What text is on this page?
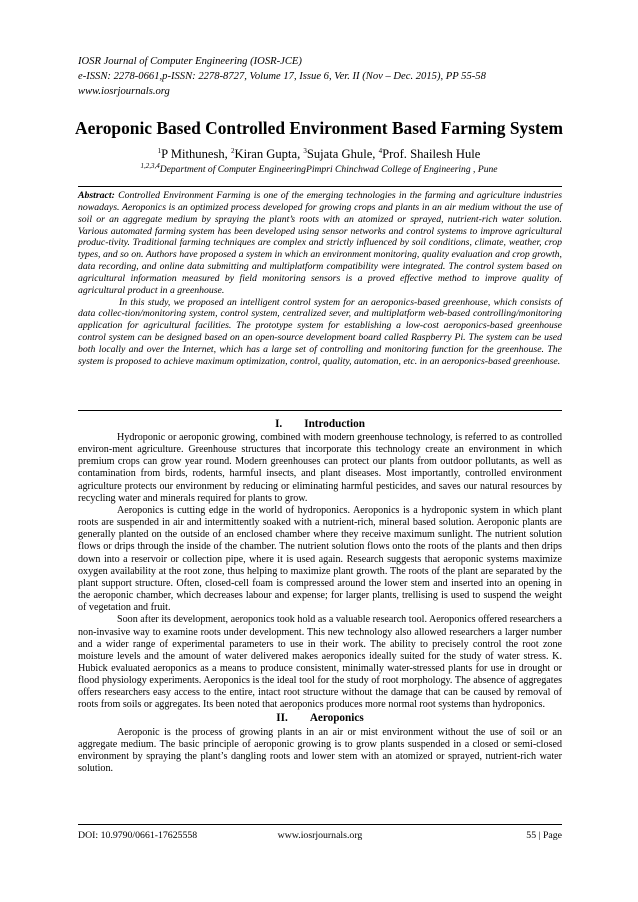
IOSR Journal of Computer Engineering (IOSR-JCE)
e-ISSN: 2278-0661,p-ISSN: 2278-8727, Volume 17, Issue 6, Ver. II (Nov – Dec. 2015), PP 55-58
www.iosrjournals.org
Aeroponic Based Controlled Environment Based Farming System
$^1$P Mithunesh, $^2$Kiran Gupta, $^3$Sujata Ghule, $^4$Prof. Shailesh Hule
$^{1,2,3,4}$Department of Computer EngineeringPimpri Chinchwad College of Engineering , Pune

Abstract: Controlled Environment Farming is one of the emerging technologies in the farming and agriculture industries nowadays. Aeroponics is an optimized process developed for growing crops and plants in an air medium without the use of soil or an aggregate medium by spraying the plant’s roots with an atomized or sprayed, nutrient-rich water solution. Various automated farming system has been developed using sensor networks and control systems to improve agricultural produc-tivity. Traditional farming techniques are complex and strictly influenced by soil conditions, climate, weather, crop types, and so on. Authors have proposed a system in which an environment monitoring, quality evaluation and crop growth, data recording, and online data submitting and multiplatform compatibility were integrated. The control system based on agricultural information measured by field monitoring sensors is a proved effective method to improve quality of agricultural product in a greenhouse.

In this study, we proposed an intelligent control system for an aeroponics-based greenhouse, which consists of data collec-tion/monitoring system, control system, centralized sever, and multiplatform web-based controlling/monitoring application for agricultural facilities. The prototype system for establishing a low-cost aeroponics-based greenhouse control system can be designed based on an open-source development board called Raspberry Pi. The system can be used both locally and over the Internet, which has a large set of controlling and monitoring function for the greenhouse. The system is proposed to achieve maximum optimization, control, quality, automation, etc. in an aeroponics-based greenhouse.

I. Introduction

Hydroponic or aeroponic growing, combined with modern greenhouse technology, is referred to as controlled environ-ment agriculture. Greenhouse structures that incorporate this technology create an environment in which premium crops can grow year round. Modern greenhouses can protect our plants from outdoor pollutants, as well as contamination from birds, rodents, harmful insects, and plant diseases. Most importantly, controlled environment agriculture protects our environment by reducing or eliminating harmful pesticides, and saves our natural resources by recycling water and minerals required for plants to grow.

Aeroponics is cutting edge in the world of hydroponics. Aeroponics is a hydroponic system in which plant roots are suspended in air and intermittently soaked with a nutrient-rich, mineral based solution. Aeroponic plants are generally planted on the outside of an enclosed chamber where they receive maximum sunlight. The nutrient solution flows or drips through the inside of the chamber. The nutrient solution flows onto the roots of the plants and then drips down into a reservoir or collection pipe, where it is used again. Research suggests that aeroponic systems maximize oxygen availability at the root zone, thus helping to maximize plant growth. The roots of the plant are separated by the plant support structure. Often, closed-cell foam is compressed around the lower stem and inserted into an opening in the aeroponic chamber, which decreases labour and expense; for larger plants, trellising is used to suspend the weight of vegetation and fruit.

Soon after its development, aeroponics took hold as a valuable research tool. Aeroponics offered researchers a non-invasive way to examine roots under development. This new technology also allowed researchers a larger number and a wider range of experimental parameters to use in their work. The ability to precisely control the root zone moisture levels and the amount of water delivered makes aeroponics ideally suited for the study of water stress. K. Hubick evaluated aeroponics as a means to produce consistent, minimally water-stressed plants for use in drought or flood physiology experiments. Aeroponics is the ideal tool for the study of root morphology. The absence of aggregates offers researchers easy access to the entire, intact root structure without the damage that can be caused by removal of roots from soils or aggregates. Its been noted that aeroponics produces more normal root systems than hydroponics.

II. Aeroponics

Aeroponic is the process of growing plants in an air or mist environment without the use of soil or an aggregate medium. The basic principle of aeroponic growing is to grow plants suspended in a closed or semi-closed environment by spraying the plant’s dangling roots and lower stem with an atomized or sprayed, nutrient-rich water solution.

DOI: 10.9790/0661-17625558	www.iosrjournals.org	55 | Page
